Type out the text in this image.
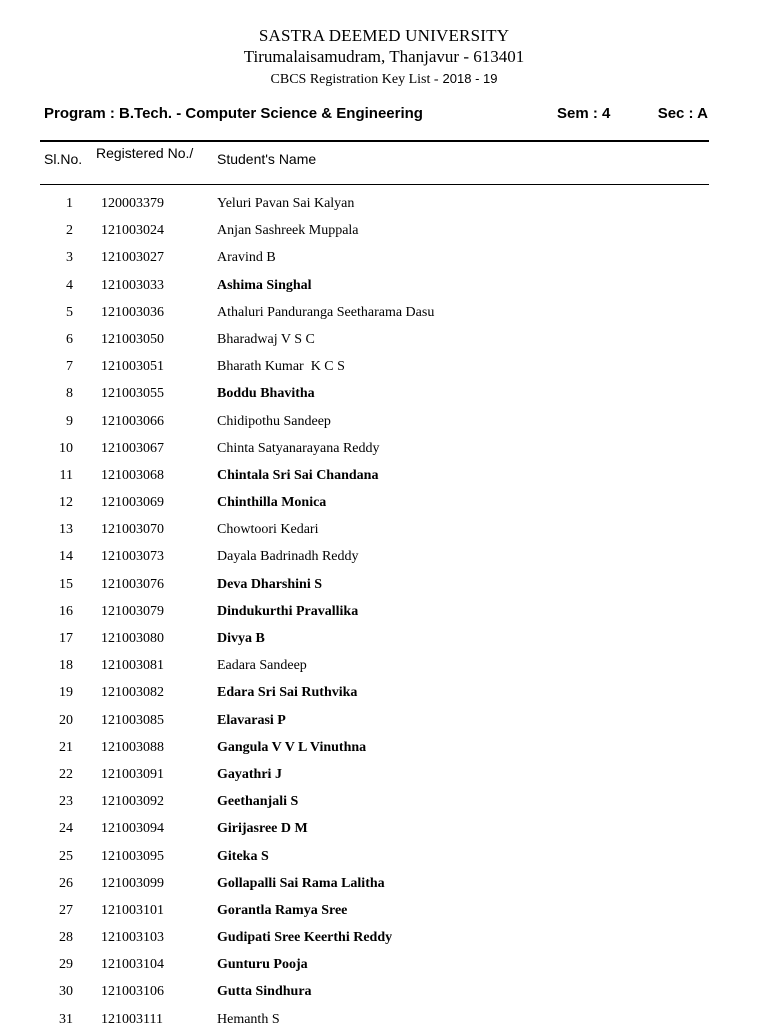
SASTRA DEEMED UNIVERSITY
Tirumalaisamudram, Thanjavur - 613401
CBCS Registration Key List - 2018 - 19
Program : B.Tech. - Computer Science & Engineering	Sem : 4	Sec : A
Sl.No. Registered No./ Student's Name
1 120003379	Yeluri Pavan Sai Kalyan
2 121003024	Anjan Sashreek Muppala
3 121003027	Aravind B
4 121003033	Ashima Singhal
5 121003036	Athaluri Panduranga Seetharama Dasu
6 121003050	Bharadwaj V S C
7 121003051	Bharath Kumar  K C S
8 121003055	Boddu Bhavitha
9 121003066	Chidipothu Sandeep
10 121003067	Chinta Satyanarayana Reddy
11 121003068	Chintala Sri Sai Chandana
12 121003069	Chinthilla Monica
13 121003070	Chowtoori Kedari
14 121003073	Dayala Badrinadh Reddy
15 121003076	Deva Dharshini S
16 121003079	Dindukurthi Pravallika
17 121003080	Divya B
18 121003081	Eadara Sandeep
19 121003082	Edara Sri Sai Ruthvika
20 121003085	Elavarasi P
21 121003088	Gangula V V L Vinuthna
22 121003091	Gayathri J
23 121003092	Geethanjali S
24 121003094	Girijasree D M
25 121003095	Giteka S
26 121003099	Gollapalli Sai Rama Lalitha
27 121003101	Gorantla Ramya Sree
28 121003103	Gudipati Sree Keerthi Reddy
29 121003104	Gunturu Pooja
30 121003106	Gutta Sindhura
31 121003111	Hemanth S
